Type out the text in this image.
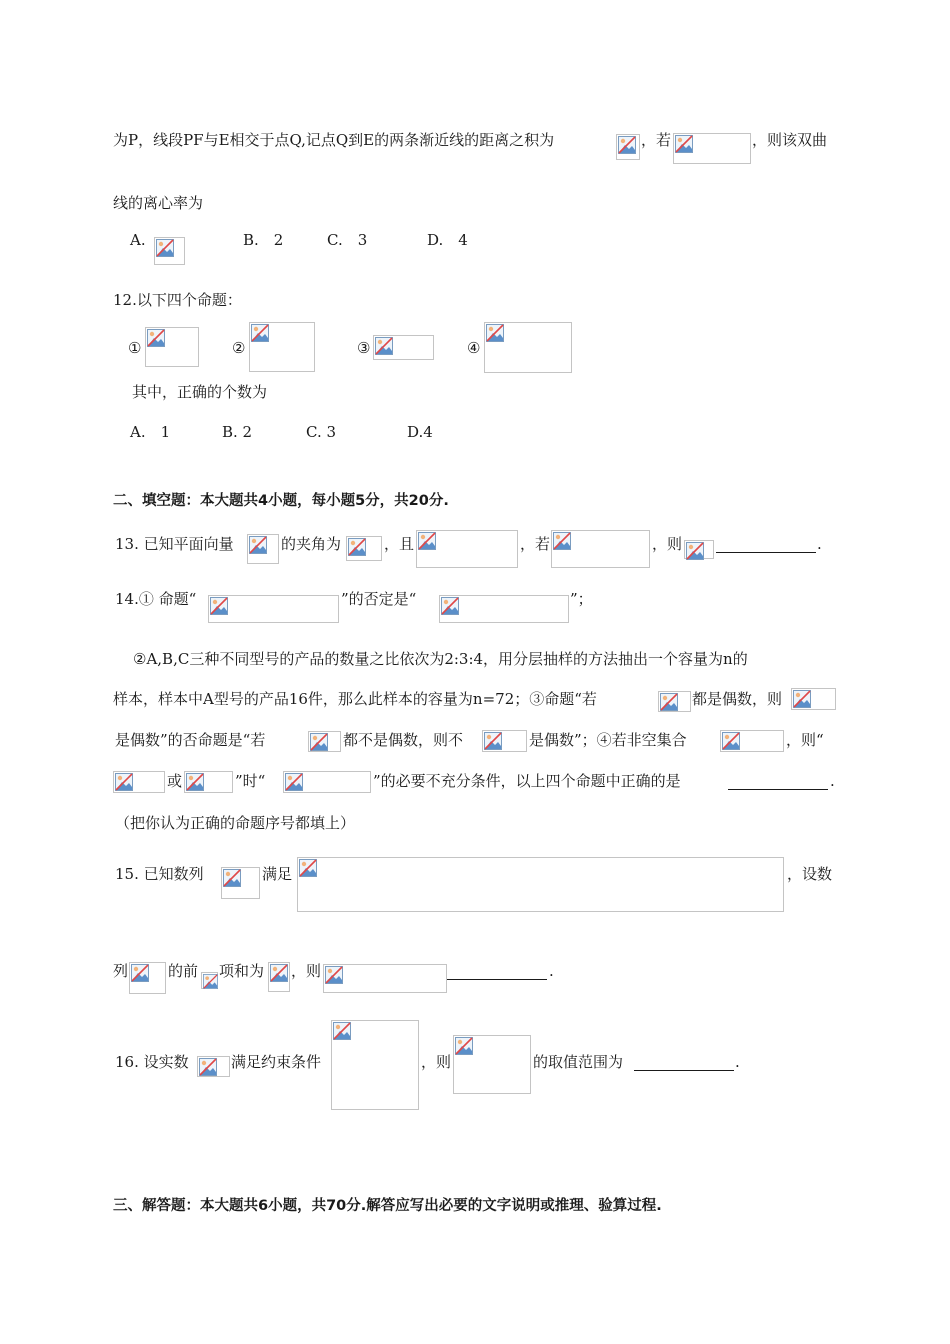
为P，线段PF与E相交于点Q,记点Q到E的两条渐近线的距离之积为	，若	，则该双曲
线的离心率为
A.	B.　2	C.　3	D.　4
12.以下四个命题：
①	②	③	④
其中，正确的个数为
A.　1	B. 2	C. 3	D.4
二、填空题：本大题共4小题，每小题5分，共20分.
13. 已知平面向量	的夹角为	，且	，若	，则	.
14.① 命题“	”的否定是“	”；
②A,B,C三种不同型号的产品的数量之比依次为2:3:4，用分层抽样的方法抽出一个容量为n的
样本，样本中A型号的产品16件，那么此样本的容量为n=72；③命题“若	都是偶数，则
是偶数”的否命题是“若	都不是偶数，则不	是偶数”；④若非空集合	，则“
或	”时“	”的必要不充分条件，以上四个命题中正确的是	.
（把你认为正确的命题序号都填上）
15. 已知数列	满足	，设数
列	的前 项和为 ，则	.
16. 设实数	满足约束条件	，则	的取值范围为	.
三、解答题：本大题共6小题，共70分.解答应写出必要的文字说明或推理、验算过程.
